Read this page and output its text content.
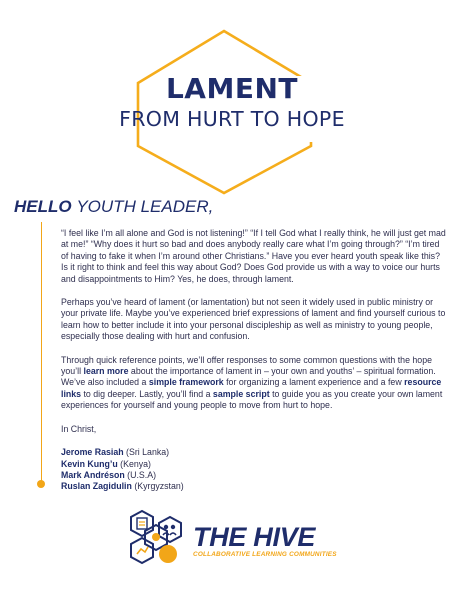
LAMENT
FROM HURT TO HOPE
HELLO YOUTH LEADER,

“I feel like I’m all alone and God is not listening!” “If I tell God what I really think, he will just get mad at me!” “Why does it hurt so bad and does anybody really care what I’m going through?” “I’m tired of having to fake it when I’m around other Christians.” Have you ever heard youth speak like this? Is it right to think and feel this way about God? Does God provide us with a way to voice our hurts and disappointments to Him? Yes, he does, through lament.

Perhaps you’ve heard of lament (or lamentation) but not seen it widely used in public ministry or your private life. Maybe you’ve experienced brief expressions of lament and find yourself curious to learn how to better include it into your personal discipleship as well as ministry to young people, especially those dealing with hurt and confusion.

Through quick reference points, we’ll offer responses to some common questions with the hope you’ll learn more about the importance of lament in – your own and youths’ – spiritual formation. We’ve also included a simple framework for organizing a lament experience and a few resource links to dig deeper. Lastly, you’ll find a sample script to guide you as you create your own lament experiences for yourself and young people to move from hurt to hope.

In Christ,

Jerome Rasiah (Sri Lanka)
Kevin Kung’u (Kenya)
Mark Andréson (U.S.A)
Ruslan Zagidulin (Kyrgyzstan)
THE HIVE
COLLABORATIVE LEARNING COMMUNITIES
